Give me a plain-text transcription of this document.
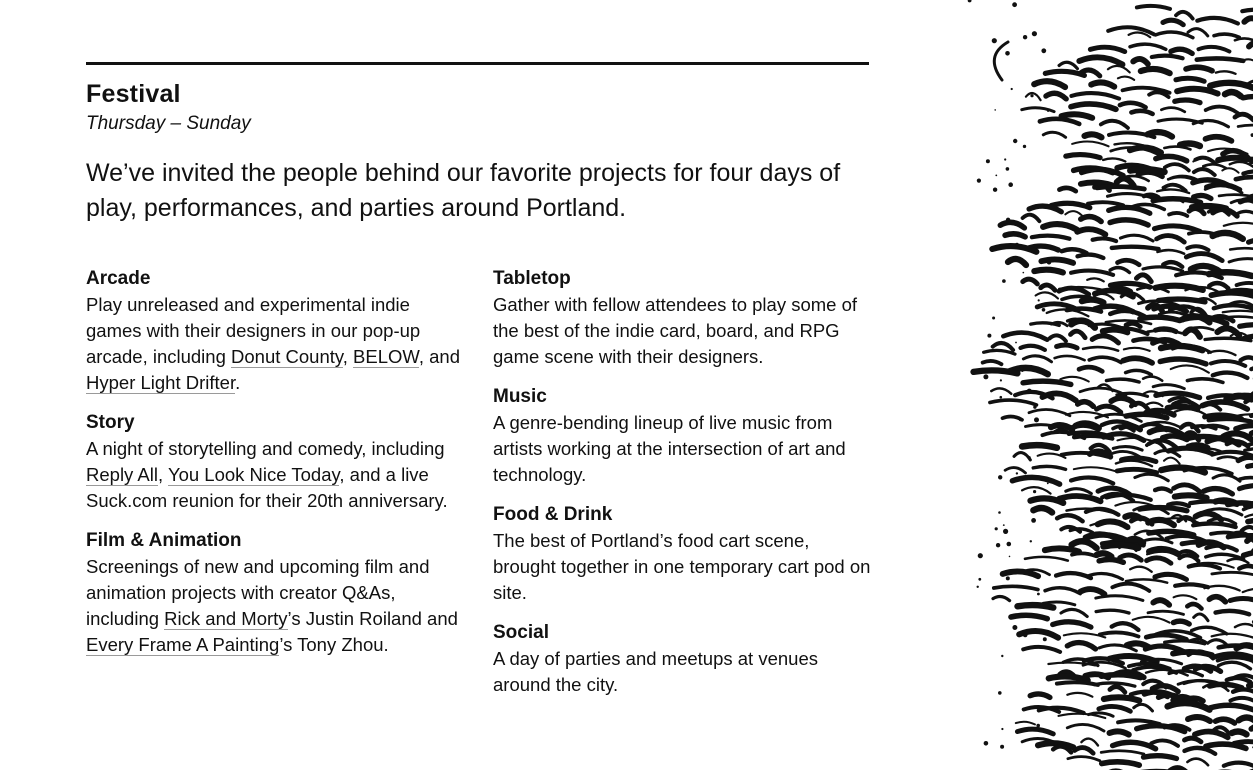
Festival
Thursday – Sunday
We’ve invited the people behind our favorite projects for four days of play, performances, and parties around Portland.
Arcade
Play unreleased and experimental indie games with their designers in our pop-up arcade, including Donut County, BELOW, and Hyper Light Drifter.
Story
A night of storytelling and comedy, including Reply All, You Look Nice Today, and a live Suck.com reunion for their 20th anniversary.
Film & Animation
Screenings of new and upcoming film and animation projects with creator Q&As, including Rick and Morty’s Justin Roiland and Every Frame A Painting’s Tony Zhou.
Tabletop
Gather with fellow attendees to play some of the best of the indie card, board, and RPG game scene with their designers.
Music
A genre-bending lineup of live music from artists working at the intersection of art and technology.
Food & Drink
The best of Portland’s food cart scene, brought together in one temporary cart pod on site.
Social
A day of parties and meetups at venues around the city.
